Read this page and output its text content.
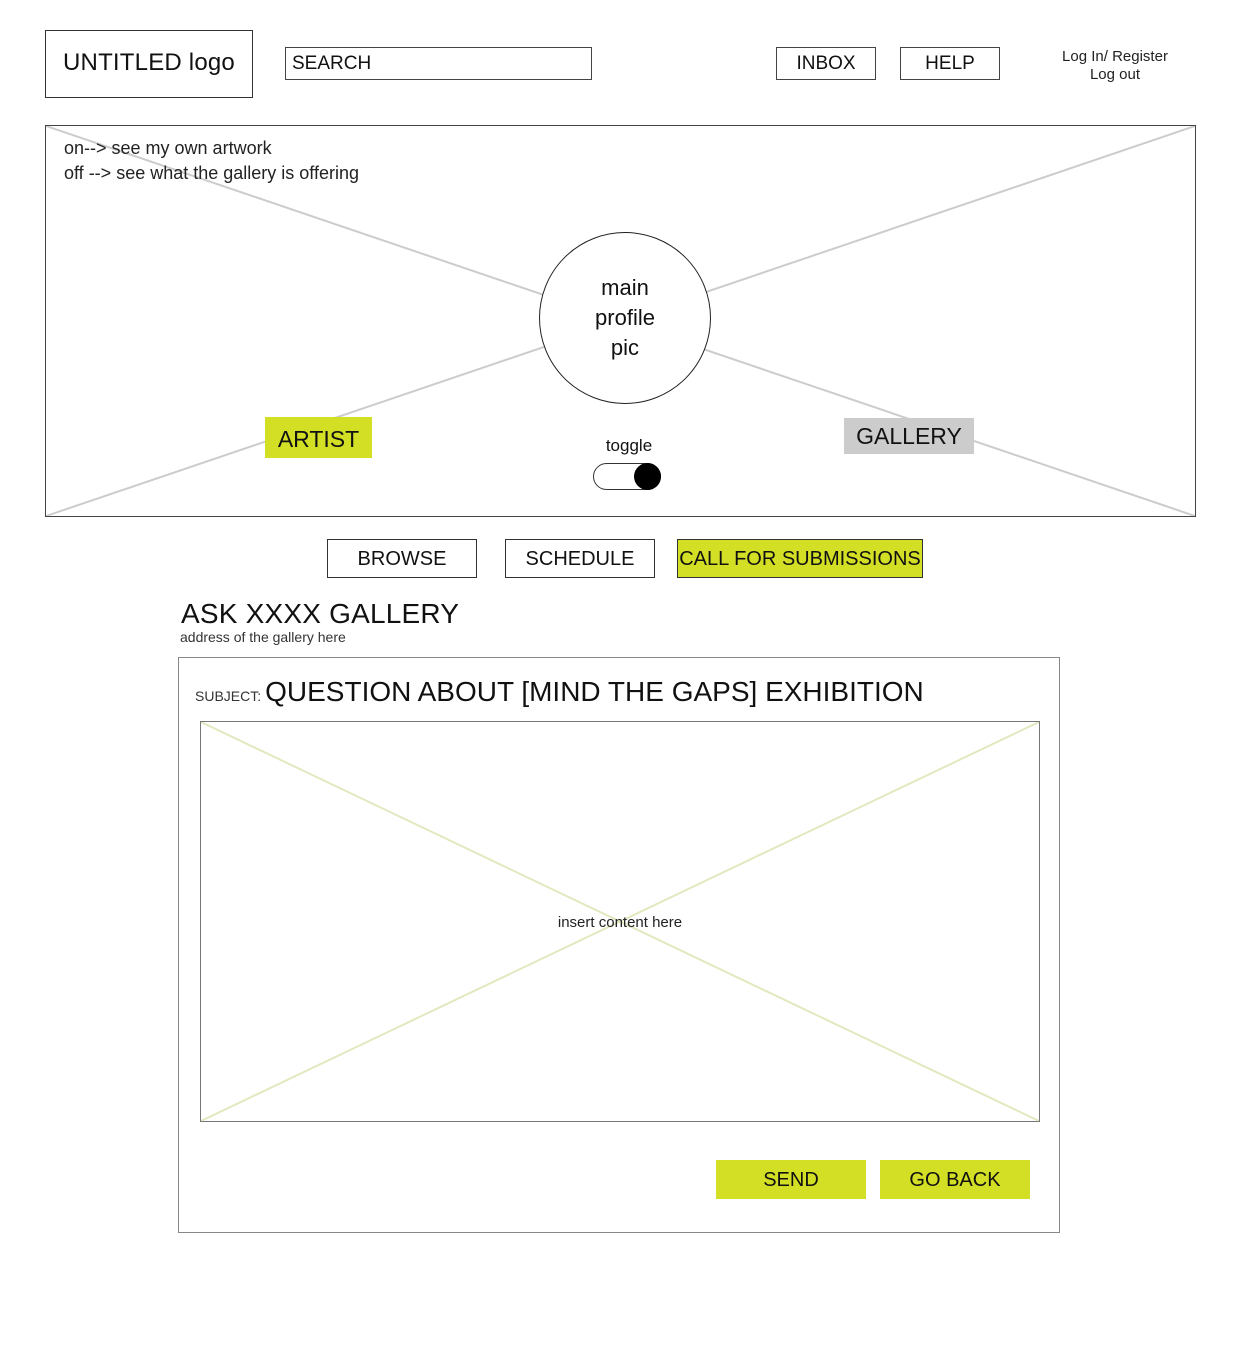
UNTITLED logo	SEARCH	INBOX	HELP	Log In/ Register
Log out
on--> see my own artwork
off --> see what the gallery is offering
main
profile
pic
ARTIST	GALLERY
toggle
BROWSE	SCHEDULE	CALL FOR SUBMISSIONS
ASK XXXX GALLERY
address of the gallery here
SUBJECT: QUESTION ABOUT [MIND THE GAPS] EXHIBITION
insert content here
SEND	GO BACK
